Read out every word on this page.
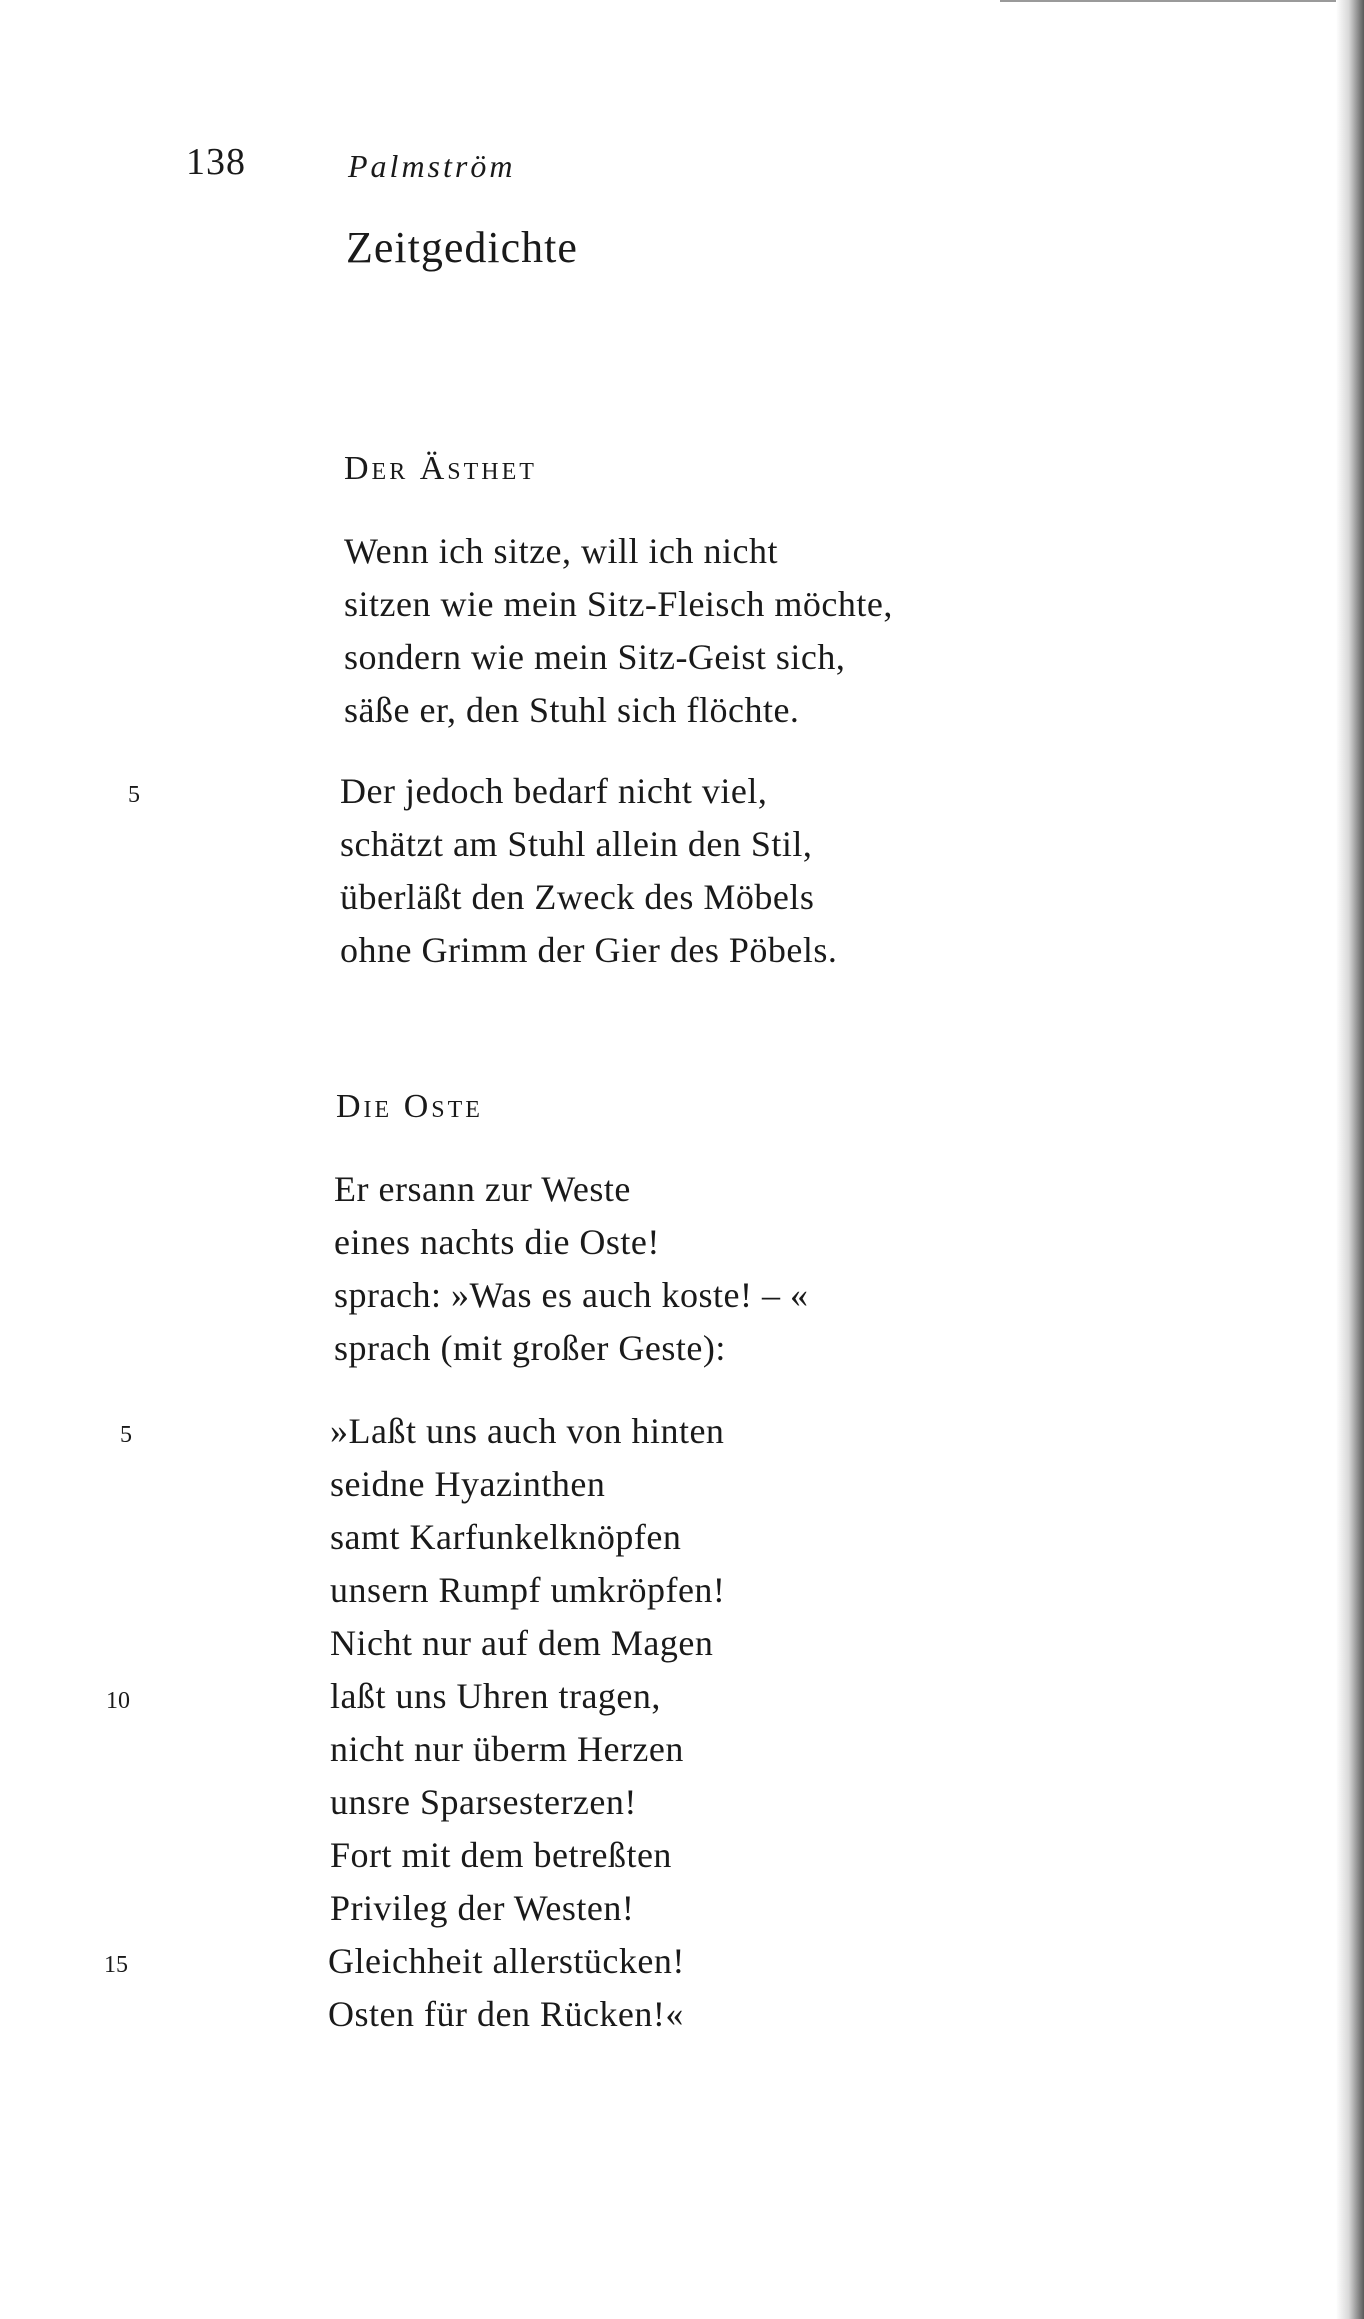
138	Palmström
Zeitgedichte
Der Ästhet
Wenn ich sitze, will ich nicht
sitzen wie mein Sitz-Fleisch möchte,
sondern wie mein Sitz-Geist sich,
säße er, den Stuhl sich flöchte.
5	Der jedoch bedarf nicht viel,
schätzt am Stuhl allein den Stil,
überläßt den Zweck des Möbels
ohne Grimm der Gier des Pöbels.
Die Oste
Er ersann zur Weste
eines nachts die Oste!
sprach: »Was es auch koste! – «
sprach (mit großer Geste):
5	»Laßt uns auch von hinten
seidne Hyazinthen
samt Karfunkelknöpfen
unsern Rumpf umkröpfen!
Nicht nur auf dem Magen
10	laßt uns Uhren tragen,
nicht nur überm Herzen
unsre Sparsesterzen!
Fort mit dem betreßten
Privileg der Westen!
15	Gleichheit allerstücken!
Osten für den Rücken!«
